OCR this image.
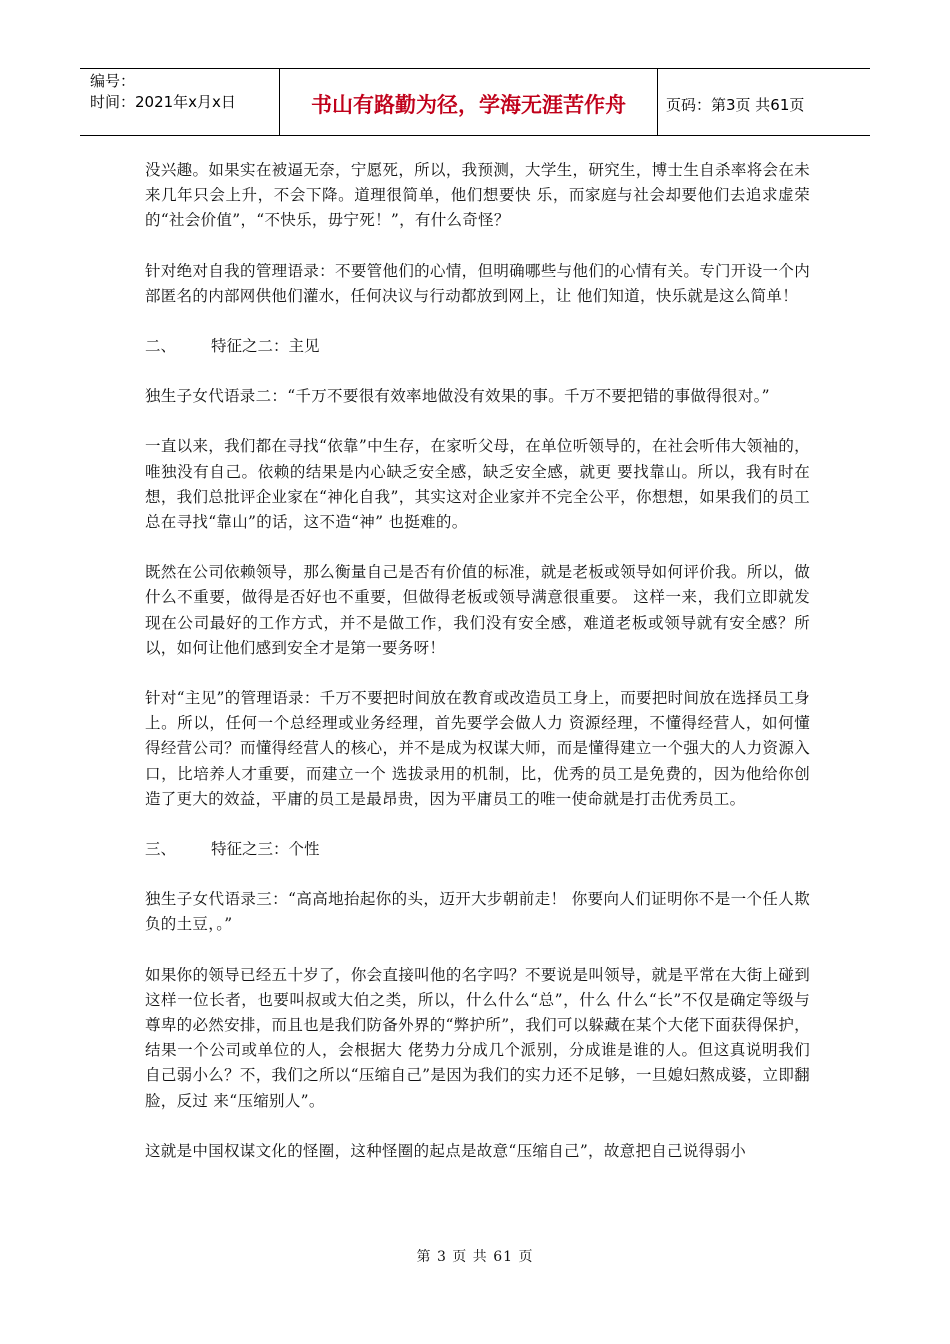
编号：
时间：2021年x月x日	书山有路勤为径，学海无涯苦作舟	页码：第3页 共61页

没兴趣。如果实在被逼无奈，宁愿死，所以，我预测，大学生，研究生，博士生自杀率将会在未来几年只会上升，不会下降。道理很简单，他们想要快 乐，而家庭与社会却要他们去追求虚荣的“社会价值”，“不快乐，毋宁死！”，有什么奇怪？

针对绝对自我的管理语录：不要管他们的心情，但明确哪些与他们的心情有关。专门开设一个内部匿名的内部网供他们灌水，任何决议与行动都放到网上，让 他们知道，快乐就是这么简单！

二、 特征之二：主见

独生子女代语录二：“千万不要很有效率地做没有效果的事。千万不要把错的事做得很对。”

一直以来，我们都在寻找“依靠”中生存，在家听父母，在单位听领导的，在社会听伟大领袖的，唯独没有自己。依赖的结果是内心缺乏安全感，缺乏安全感，就更 要找靠山。所以，我有时在想，我们总批评企业家在“神化自我”，其实这对企业家并不完全公平，你想想，如果我们的员工总在寻找“靠山”的话，这不造“神” 也挺难的。

既然在公司依赖领导，那么衡量自己是否有价值的标准，就是老板或领导如何评价我。所以，做什么不重要，做得是否好也不重要，但做得老板或领导满意很重要。 这样一来，我们立即就发现在公司最好的工作方式，并不是做工作，我们没有安全感，难道老板或领导就有安全感？所以，如何让他们感到安全才是第一要务呀！

针对“主见”的管理语录：千万不要把时间放在教育或改造员工身上，而要把时间放在选择员工身上。所以，任何一个总经理或业务经理，首先要学会做人力 资源经理，不懂得经营人，如何懂得经营公司？而懂得经营人的核心，并不是成为权谋大师，而是懂得建立一个强大的人力资源入口，比培养人才重要，而建立一个 选拔录用的机制，比，优秀的员工是免费的，因为他给你创造了更大的效益，平庸的员工是最昂贵，因为平庸员工的唯一使命就是打击优秀员工。

三、 特征之三：个性

独生子女代语录三：“高高地抬起你的头，迈开大步朝前走！ 你要向人们证明你不是一个任人欺负的土豆，。”

如果你的领导已经五十岁了，你会直接叫他的名字吗？不要说是叫领导，就是平常在大街上碰到这样一位长者，也要叫叔或大伯之类，所以，什么什么“总”，什么 什么“长”不仅是确定等级与尊卑的必然安排，而且也是我们防备外界的“弊护所”，我们可以躲藏在某个大佬下面获得保护，结果一个公司或单位的人，会根据大 佬势力分成几个派别，分成谁是谁的人。但这真说明我们自己弱小么？不，我们之所以“压缩自己”是因为我们的实力还不足够，一旦媳妇熬成婆，立即翻脸，反过 来“压缩别人”。

这就是中国权谋文化的怪圈，这种怪圈的起点是故意“压缩自己”，故意把自己说得弱小

第 3 页 共 61 页
